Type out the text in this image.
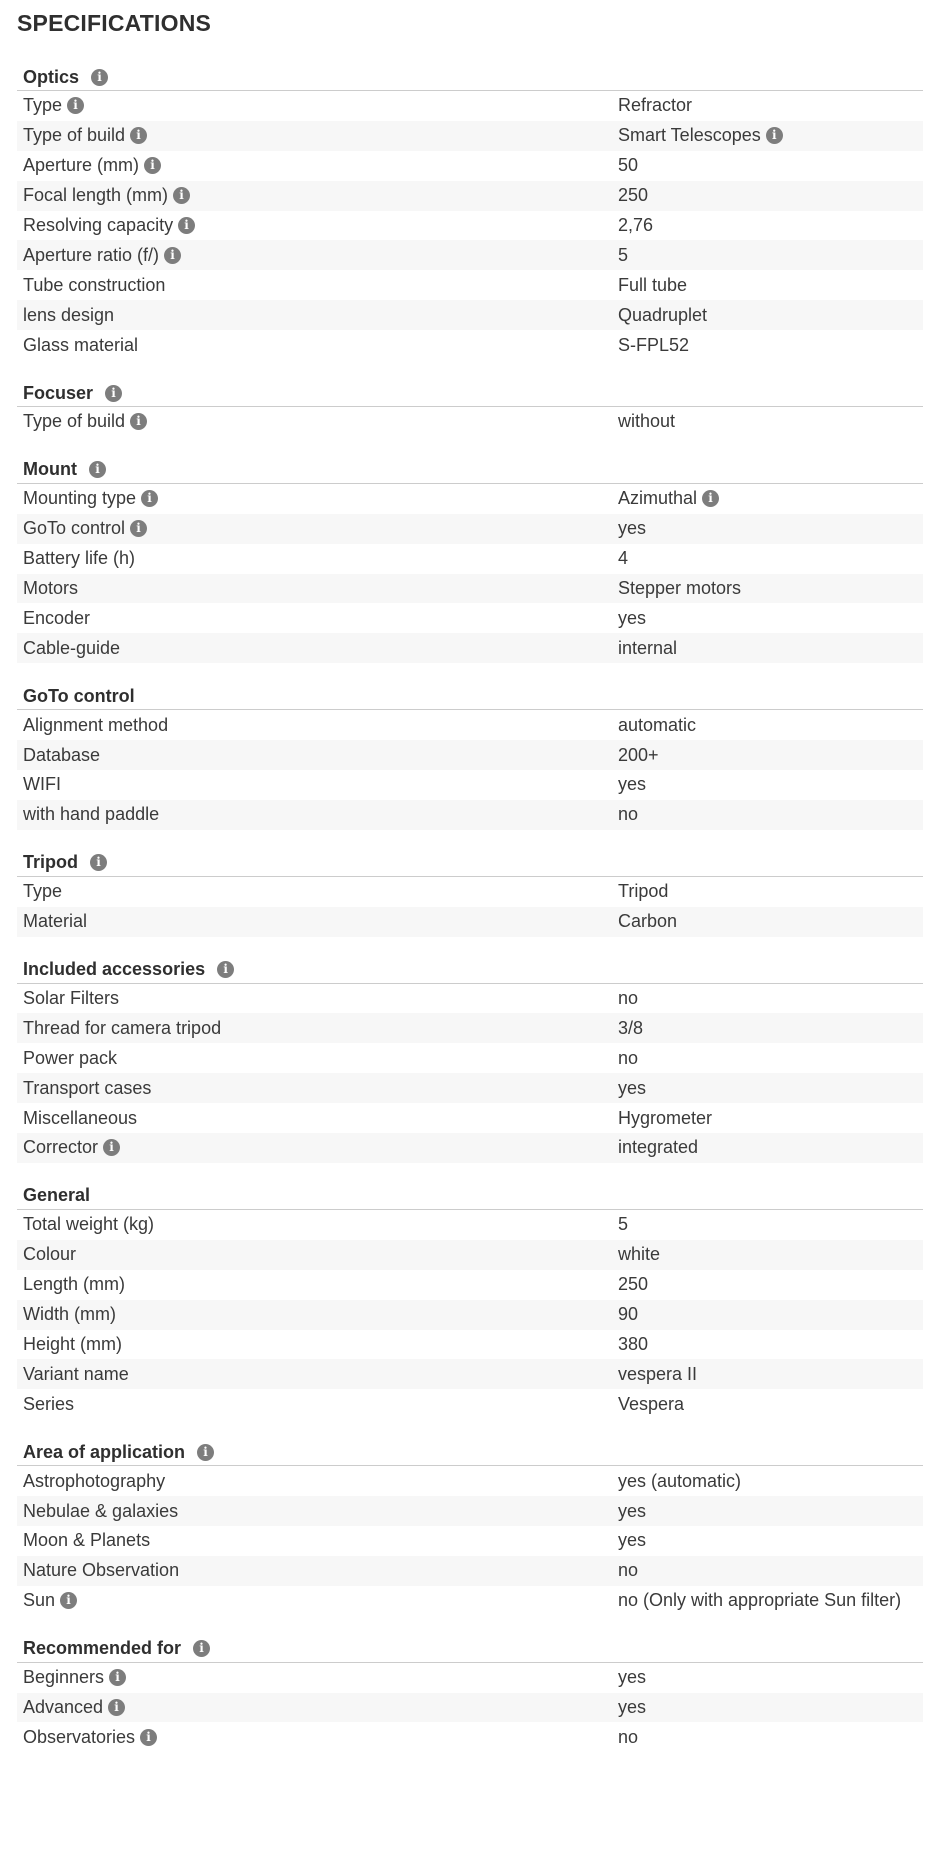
SPECIFICATIONS
Optics	i
Type i	Refractor
Type of build i	Smart Telescopes i
Aperture (mm) i	50
Focal length (mm) i	250
Resolving capacity i	2,76
Aperture ratio (f/) i	5
Tube construction	Full tube
lens design	Quadruplet
Glass material	S-FPL52
Focuser	i
Type of build i	without
Mount	i
Mounting type i	Azimuthal i
GoTo control i	yes
Battery life (h)	4
Motors	Stepper motors
Encoder	yes
Cable-guide	internal
GoTo control
Alignment method	automatic
Database	200+
WIFI	yes
with hand paddle	no
Tripod	i
Type	Tripod
Material	Carbon
Included accessories	i
Solar Filters	no
Thread for camera tripod	3/8
Power pack	no
Transport cases	yes
Miscellaneous	Hygrometer
Corrector i	integrated
General
Total weight (kg)	5
Colour	white
Length (mm)	250
Width (mm)	90
Height (mm)	380
Variant name	vespera II
Series	Vespera
Area of application	i
Astrophotography	yes (automatic)
Nebulae & galaxies	yes
Moon & Planets	yes
Nature Observation	no
Sun i	no (Only with appropriate Sun filter)
Recommended for	i
Beginners i	yes
Advanced i	yes
Observatories i	no
